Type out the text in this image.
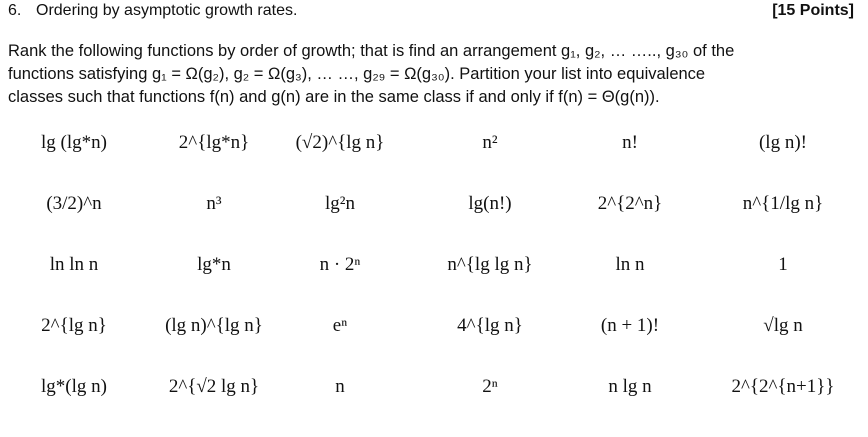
6. Ordering by asymptotic growth rates.	[15 Points]
Rank the following functions by order of growth; that is find an arrangement g₁, g₂, … ….., g₃₀ of the
functions satisfying g₁ = Ω(g₂), g₂ = Ω(g₃), … …, g₂₉ = Ω(g₃₀). Partition your list into equivalence
classes such that functions f(n) and g(n) are in the same class if and only if f(n) = Θ(g(n)).
lg (lg*n)	2^{lg*n}	(√2)^{lg n}	n²	n!	(lg n)!
(3/2)^n	n³	lg²n	lg(n!)	2^{2^n}	n^{1/lg n}
ln ln n	lg*n	n · 2ⁿ	n^{lg lg n}	ln n	1
2^{lg n}	(lg n)^{lg n}	eⁿ	4^{lg n}	(n + 1)!	√lg n
lg*(lg n)	2^{√2 lg n}	n	2ⁿ	n lg n	2^{2^{n+1}}
